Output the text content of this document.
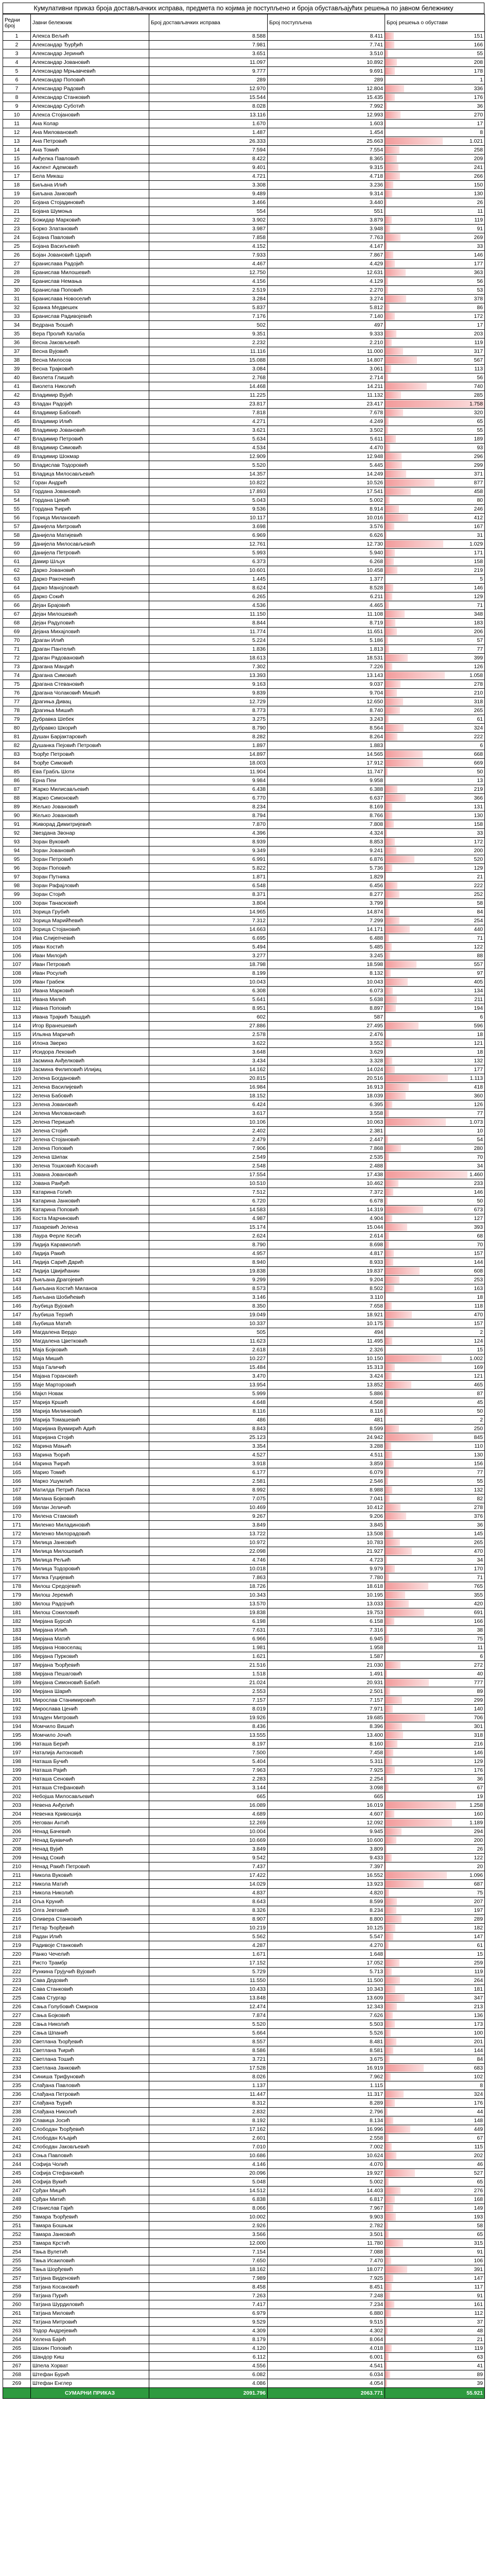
Кумулативни приказ броја достављачких исправа, предмета по којима је поступљено и броја обустављајућих решења по јавном бележнику
Редни број	Јавни бележник	Број достављачких исправа	Број поступљена	Број решења о обустави
1	Алекса Вељић	8.588	8.411	151
2	Александар Ђурђић	7.981	7.741	166
3	Александар Јеринић	3.651	3.510	55
4	Александар Јовановић	11.097	10.892	208
5	Александар Мрњавчевић	9.777	9.691	178
6	Александар Поповић	289	289	1
7	Александар Радовић	12.970	12.804	336
8	Александар Станковић	15.544	15.435	176
9	Александар Суботић	8.028	7.992	36
10	Алекса Стојановић	13.116	12.993	270
11	Ана Колар	1.670	1.603	17
12	Ана Миловановић	1.487	1.454	8
13	Ана Петровић	26.333	25.663	1.021
14	Ана Томић	7.594	7.554	258
15	Анђелка Павловић	8.422	8.365	209
16	Ажлент Адемовић	9.401	9.315	241
17	Бела Микаш	4.721	4.718	266
18	Биљана Илић	3.308	3.236	150
19	Биљана Јанковић	9.489	9.314	130
20	Бојана Стојадиновић	3.466	3.440	26
21	Бојана Шумоња	554	551	11
22	Божидар Марковић	3.902	3.879	119
23	Борко Златановић	3.987	3.948	91
24	Бојана Павловић	7.858	7.763	269
25	Бојана Васиљевић	4.152	4.147	33
26	Бојан Јовановић Царић	7.933	7.867	146
27	Бранислава Радојић	4.467	4.429	177
28	Бранислав Милошевић	12.750	12.631	363
29	Бранислав Немања	4.156	4.129	56
30	Бранислав Поповић	2.519	2.270	53
31	Бранислава Новоселић	3.284	3.274	378
32	Бранка Медвешек	5.837	5.812	86
33	Бранислав Радивојевић	7.176	7.140	172
34	Ведрана Ђошић	502	497	17
35	Вера Пролић Калаба	9.351	9.333	203
36	Весна Јаковљевић	2.232	2.210	119
37	Весна Вујовић	11.116	11.000	317
38	Весна Милосов	15.088	14.807	567
39	Весна Трајковић	3.084	3.061	113
40	Виолета Глишић	2.768	2.714	56
41	Виолета Николић	14.468	14.211	740
42	Владимир Вујић	11.225	11.132	285
43	Владан Радојић	23.817	23.417	1.758
44	Владимир Бабовић	7.818	7.678	320
45	Владимир Илић	4.271	4.249	65
46	Владимир Јовановић	3.621	3.502	55
47	Владимир Петровић	5.634	5.611	189
48	Владимир Симовић	4.534	4.470	93
49	Владимир Шокмар	12.909	12.948	296
50	Владислав Тодоровић	5.520	5.445	299
51	Владица Милосављевић	14.357	14.249	371
52	Горан Андрић	10.822	10.526	877
53	Гордана Јовановић	17.893	17.541	458
54	Гордана Цекић	5.043	5.002	80
55	Гордана Ћирић	9.536	8.914	246
56	Горица Милановић	10.117	10.016	412
57	Данијела Митровић	3.698	3.576	167
58	Данијела Матијевић	6.969	6.626	31
59	Данијела Милосављевић	12.761	12.730	1.029
60	Данијела Петровић	5.993	5.940	171
61	Дамир Шљук	6.373	6.268	158
62	Дарко Јовановић	10.601	10.458	219
63	Дарко Ракочевић	1.445	1.377	5
64	Дарко Манојловић	8.624	8.528	146
65	Дарко Сокић	6.265	6.211	129
66	Дејан Брајовић	4.536	4.465	71
67	Дејан Милошевић	11.150	11.108	348
68	Дејан Радуловић	8.844	8.719	183
69	Дејана Михајловић	11.774	11.651	206
70	Драган Илић	5.224	5.186	57
71	Драган Пантелић	1.836	1.813	77
72	Драган Радовановић	18.613	18.531	399
73	Драгана Мандић	7.302	7.226	126
74	Драгана Симовић	13.393	13.143	1.058
75	Драгана Стевановић	9.163	9.037	278
76	Драгана Чолаковић Мишић	9.839	9.704	210
77	Драгиња Дивац	12.729	12.650	318
78	Драгиња Мишић	8.773	8.740	265
79	Дубравка Шебек	3.275	3.243	61
80	Дубравко Шкорић	8.790	8.564	324
81	Душан Барјактаровић	8.282	8.264	222
82	Душанка Пејовић Петровић	1.897	1.883	6
83	Ђорђе Петровић	14.897	14.565	668
84	Ђорђе Симовић	18.003	17.912	669
85	Ева Грабљ Шоти	11.904	11.747	50
86	Ерна Пеи	9.984	9.958	13
87	Жарко Милисављевић	6.438	6.388	219
88	Жарко Симоновић	6.770	6.637	366
89	Жељко Јовановић	8.234	8.169	131
90	Жељко Јовановић	8.794	8.766	130
91	Живорад Димитријевић	7.870	7.808	158
92	Звездана Звонар	4.396	4.324	33
93	Зоран Вуковић	8.939	8.853	172
94	Зоран Јовановић	9.349	9.241	200
95	Зоран Петровић	6.991	6.876	520
96	Зоран Поповић	5.822	5.736	129
97	Зоран Путника	1.871	1.829	21
98	Зоран Рафајловић	6.548	6.456	222
99	Зоран Стојић	8.371	8.277	252
100	Зоран Танасковић	3.804	3.799	58
101	Зорица Грубић	14.965	14.874	84
102	Зорица Марийћевић	7.312	7.299	254
103	Зорица Стојановић	14.663	14.171	440
104	Ива Слијепчевић	6.695	6.488	71
105	Иван Костић	5.494	5.485	122
106	Иван Милојић	3.277	3.245	88
107	Иван Петровић	18.798	18.598	557
108	Иван Росулић	8.199	8.132	97
109	Иван Грабеж	10.043	10.043	405
110	Ивана Марковић	6.308	6.073	134
111	Ивана Милић	5.641	5.638	211
112	Ивана Поповић	8.951	8.897	194
113	Ивана Трајкић Ђашдић	602	587	6
114	Игор Вранешевић	27.886	27.495	596
115	Ильяна Маричић	2.578	2.476	18
116	Илона Зверко	3.622	3.552	121
117	Исидора Лековић	3.648	3.629	18
118	Јасмина Анђелковић	3.434	3.328	132
119	Јасмина Филиповић Илијиц	14.162	14.024	177
120	Јелена Богдановић	20.815	20.516	1.113
121	Јелена Василијевић	16.984	16.913	418
122	Јелена Бабовић	18.152	18.039	360
123	Јелена Јовановић	6.424	6.395	126
124	Јелена Миловановић	3.617	3.558	77
125	Јелена Перишић	10.106	10.063	1.073
126	Јелена Стојић	2.402	2.381	10
127	Јелена Стојановић	2.479	2.447	54
128	Јелена Поповић	7.906	7.868	280
129	Јелена Шипак	2.549	2.535	70
130	Јелена Тошковић Косанић	2.548	2.488	34
131	Јована Јовановић	17.554	17.438	1.460
132	Јована Ранђић	10.510	10.462	233
133	Катарина Голић	7.512	7.372	146
134	Катарина Јанковић	6.720	6.678	50
135	Катарина Поповић	14.583	14.319	673
136	Коста Марчиновић	4.987	4.904	127
137	Лазаревић Јелена	15.174	15.044	393
138	Лаура Ферле Кесић	2.624	2.614	68
139	Лидија Каравиолић	8.790	8.698	70
140	Лидија Ракић	4.957	4.817	157
141	Лидија Сарић Дарић	8.940	8.933	144
142	Лидија Цвијићанин	19.838	19.837	608
143	Љиљана Драгојевић	9.299	9.204	253
144	Љиљана Костић Миланов	8.573	8.502	163
145	Љиљана Шобићевић	3.146	3.110	18
146	Љубица Вујовић	8.350	7.658	118
147	Љубиша Терзић	19.049	18.921	470
148	Љубиша Матић	10.337	10.175	157
149	Магдалена Вердо	505	494	2
150	Магдалена Цветковић	11.623	11.495	124
151	Маја Бојковић	2.618	2.326	15
152	Маја Мишић	10.227	10.150	1.002
153	Маја Галичић	15.484	15.313	169
154	Мајана Горановић	3.470	3.424	121
155	Маје Марторовић	13.954	13.852	465
156	Мајкл Новак	5.999	5.886	87
157	Марија Кршић	4.648	4.568	45
158	Марија Милинковић	8.116	8.116	50
159	Марија Томашевић	486	481	2
160	Маријана Вукмирић Адић	8.843	8.599	250
161	Маријана Стојић	25.123	24.942	845
162	Марина Мањић	3.354	3.288	110
163	Марина Ђорић	4.527	4.511	130
164	Марина Ћирић	3.918	3.859	156
165	Марио Томић	6.177	6.079	77
166	Марко Ушумлић	2.581	2.546	55
167	Матилда Петрић Ласка	8.992	8.988	132
168	Милана Бојковић	7.075	7.041	82
169	Милан Јеличић	10.469	10.412	278
170	Милена Стамовић	9.267	9.206	376
171	Миленко Миладиновић	3.849	3.845	36
172	Миленко Милорадовић	13.722	13.508	145
173	Милица Јанковић	10.972	10.783	265
174	Милица Милошевић	22.098	21.927	470
175	Милица Рељић	4.746	4.723	34
176	Милица Тодоровић	10.018	9.979	170
177	Милка Гуцијевић	7.863	7.780	71
178	Милош Средојевић	18.726	18.618	765
179	Милош Јеремић	10.343	10.195	355
180	Милош Радојчић	13.570	13.033	420
181	Милош Сокиловић	19.838	19.753	691
182	Мирјана Бурсаћ	6.198	6.158	166
183	Мирјана Илић	7.631	7.316	38
184	Мирјана Матић	6.966	6.945	75
185	Мирјана Новоселац	1.981	1.958	11
186	Мирјана Пурковић	1.621	1.587	6
187	Мирјана Ђорђевић	21.516	21.030	272
188	Мирјана Пешаговић	1.518	1.491	40
189	Мирјана Симоновић Бабић	21.024	20.931	777
190	Мирјана Шарић	2.553	2.501	89
191	Мирослав Станимировић	7.157	7.157	299
192	Мирослава Ценић	8.019	7.971	140
193	Младен Митровић	19.926	19.685	706
194	Момчило Вишић	8.436	8.396	301
195	Момчило Јочић	13.555	13.400	318
196	Наташа Берић	8.197	8.160	216
197	Наталија Антоновић	7.500	7.458	146
198	Наташа Бучић	5.404	5.311	129
199	Наташа Рајић	7.963	7.925	176
200	Наташа Сеновић	2.283	2.254	36
201	Наташа Стефановић	3.144	3.098	67
202	Небојша Милосављевић	665	665	19
203	Невена Анђелић	16.089	16.019	1.258
204	Невенка Кривошија	4.689	4.607	160
205	Негован Антић	12.269	12.092	1.189
206	Ненад Бачевић	10.004	9.945	294
207	Ненад Буквичић	10.669	10.600	200
208	Ненад Вујић	3.849	3.809	26
209	Ненад Сокић	9.542	9.433	122
210	Ненад Ракић Петровић	7.437	7.397	20
211	Никола Вуковић	17.422	16.552	1.096
212	Никола Матић	14.029	13.923	687
213	Никола Николић	4.837	4.820	75
214	Оља Крунић	8.643	8.599	207
215	Олга Јевтовић	8.326	8.234	197
216	Оливера Станковић	8.907	8.800	289
217	Петар Ђорђевић	10.219	10.125	182
218	Радан Илић	5.562	5.547	147
219	Радивоје Станковић	4.287	4.270	61
220	Ранко Чечелић	1.671	1.648	15
221	Ристо Трамбр	17.152	17.052	259
222	Рункина Грујучић Вујовић	5.729	5.713	119
223	Сава Дедовић	11.550	11.500	264
224	Сава Станковић	10.433	10.343	181
225	Сава Стургар	13.848	13.609	347
226	Сања Голубовић Смирнов	12.474	12.343	213
227	Сања Бојковић	7.874	7.626	136
228	Сања Николић	5.520	5.503	173
229	Сања Шпанић	5.664	5.526	100
230	Светлана Ђорђевић	8.557	8.481	201
231	Светлана Ћирић	8.586	8.581	144
232	Светлана Тошић	3.721	3.675	84
233	Светлана Јанковић	17.528	16.919	683
234	Синиша Трифуновић	8.026	7.962	102
235	Слађана Павловић	1.137	1.115	8
236	Слађана Петровић	11.447	11.317	324
237	Слађана Ђурић	8.312	8.289	176
238	Слађана Николић	2.832	2.796	44
239	Славица Јосић	8.192	8.134	148
240	Слободан Ђорђевић	17.162	16.996	449
241	Слободан Кљајић	2.601	2.558	67
242	Слободан Јаковљевић	7.010	7.002	115
243	Соња Павловић	10.686	10.624	202
244	Софија Чолић	4.146	4.070	46
245	Софија Стефановић	20.096	19.927	527
246	Софија Вукић	5.048	5.002	65
247	Срђан Мицић	14.512	14.403	276
248	Срђан Митић	6.838	6.817	168
249	Станислав Гајић	8.066	7.967	149
250	Тамара Ђорђевић	10.002	9.903	193
251	Тамара Бошњак	2.926	2.782	58
252	Тамара Јанковић	3.566	3.501	65
253	Тамара Крстић	12.000	11.780	315
254	Тања Вулетић	7.154	7.088	91
255	Тања Исаиловић	7.650	7.470	106
256	Тања Шорђевић	18.162	18.077	391
257	Татјана Виденовић	7.989	7.925	147
258	Татјана Косановић	8.458	8.451	117
259	Татјана Пурић	7.263	7.248	91
260	Татјана Шурдиловић	7.417	7.234	161
261	Татјана Миловић	6.979	6.880	112
262	Татјана Митровић	9.529	9.515	37
263	Тодор Андрејевић	4.309	4.302	48
264	Хелена Бајић	8.179	8.064	21
265	Шахин Поповић	4.120	4.018	119
266	Шандор Киш	6.112	6.001	63
267	Шпела Хорват	4.556	4.541	41
268	Штефан Бурић	6.082	6.034	89
269	Штефан Енглер	4.086	4.054	39
	СУМАРНИ ПРИКАЗ	2091.796	2063.771	55.921
